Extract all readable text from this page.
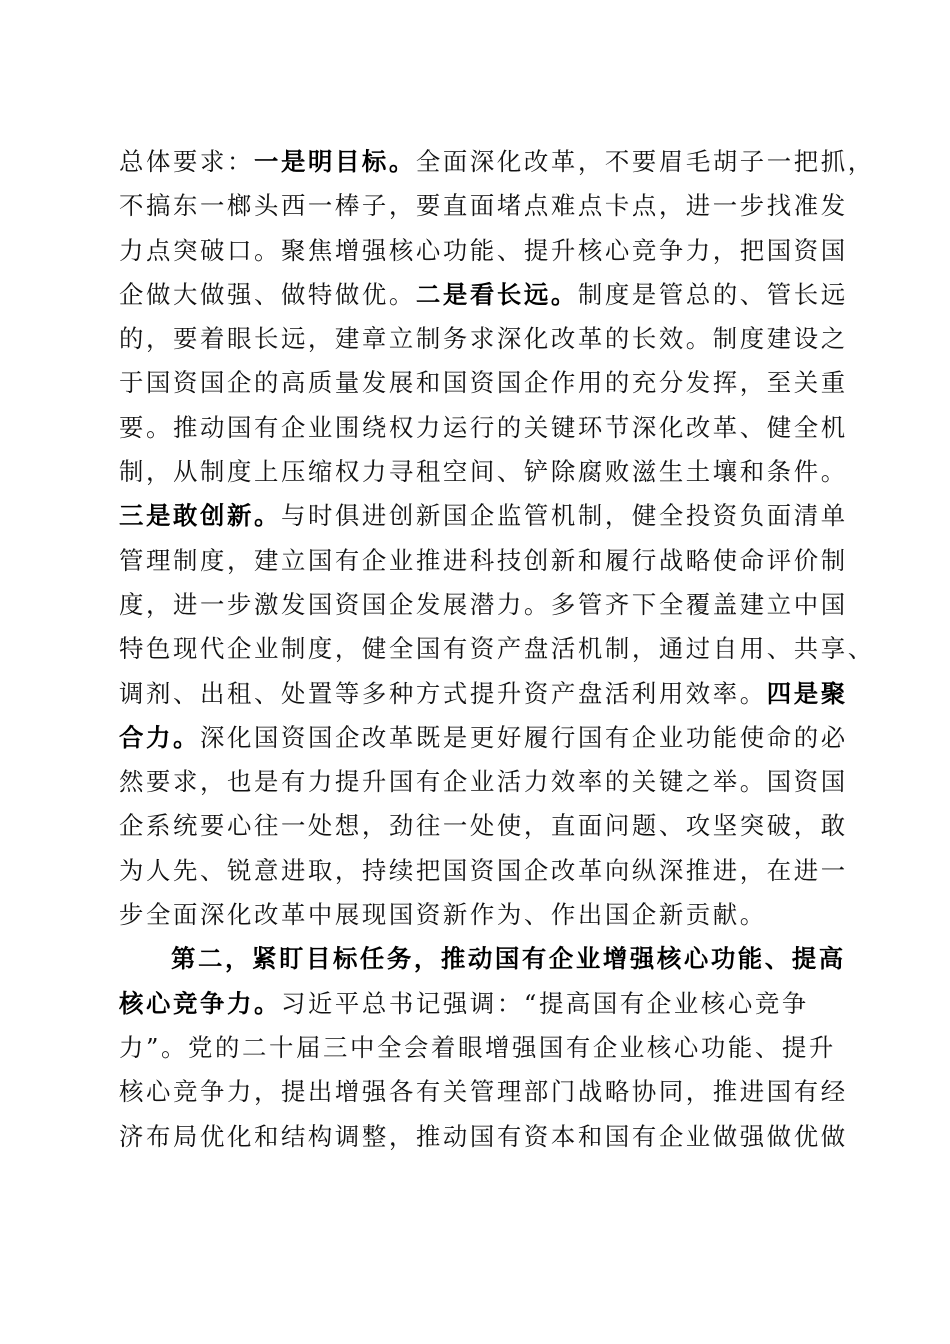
总体要求：一是明目标。全面深化改革，不要眉毛胡子一把抓，
不搞东一榔头西一棒子，要直面堵点难点卡点，进一步找准发
力点突破口。聚焦增强核心功能、提升核心竞争力，把国资国
企做大做强、做特做优。二是看长远。制度是管总的、管长远
的，要着眼长远，建章立制务求深化改革的长效。制度建设之
于国资国企的高质量发展和国资国企作用的充分发挥，至关重
要。推动国有企业围绕权力运行的关键环节深化改革、健全机
制，从制度上压缩权力寻租空间、铲除腐败滋生土壤和条件。
三是敢创新。与时俱进创新国企监管机制，健全投资负面清单
管理制度，建立国有企业推进科技创新和履行战略使命评价制
度，进一步激发国资国企发展潜力。多管齐下全覆盖建立中国
特色现代企业制度，健全国有资产盘活机制，通过自用、共享、
调剂、出租、处置等多种方式提升资产盘活利用效率。四是聚
合力。深化国资国企改革既是更好履行国有企业功能使命的必
然要求，也是有力提升国有企业活力效率的关键之举。国资国
企系统要心往一处想，劲往一处使，直面问题、攻坚突破，敢
为人先、锐意进取，持续把国资国企改革向纵深推进，在进一
步全面深化改革中展现国资新作为、作出国企新贡献。
第二，紧盯目标任务，推动国有企业增强核心功能、提高
核心竞争力。习近平总书记强调：“提高国有企业核心竞争
力”。党的二十届三中全会着眼增强国有企业核心功能、提升
核心竞争力，提出增强各有关管理部门战略协同，推进国有经
济布局优化和结构调整，推动国有资本和国有企业做强做优做
